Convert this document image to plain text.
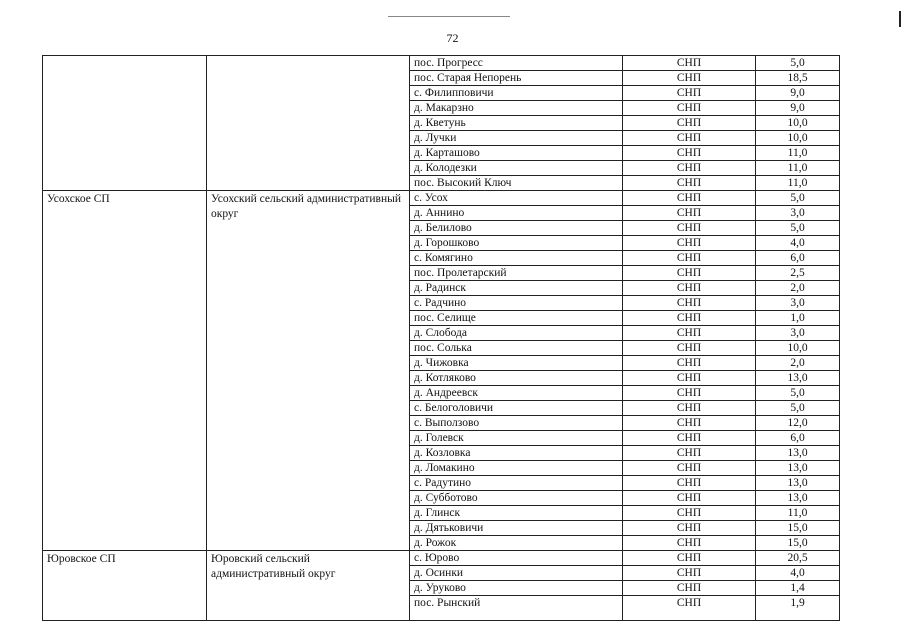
72
		пос. Прогресс	СНП	5,0
		пос. Старая Непорень	СНП	18,5
		с. Филипповичи	СНП	9,0
		д. Макарзно	СНП	9,0
		д. Кветунь	СНП	10,0
		д. Лучки	СНП	10,0
		д. Карташово	СНП	11,0
		д. Колодезки	СНП	11,0
		пос. Высокий Ключ	СНП	11,0
Усохское СП	Усохский сельский административный округ	с. Усох	СНП	5,0
		д. Аннино	СНП	3,0
		д. Белилово	СНП	5,0
		д. Горошково	СНП	4,0
		с. Комягино	СНП	6,0
		пос. Пролетарский	СНП	2,5
		д. Радинск	СНП	2,0
		с. Радчино	СНП	3,0
		пос. Селище	СНП	1,0
		д. Слобода	СНП	3,0
		пос. Солька	СНП	10,0
		д. Чижовка	СНП	2,0
		д. Котляково	СНП	13,0
		д. Андреевск	СНП	5,0
		с. Белоголовичи	СНП	5,0
		с. Выползово	СНП	12,0
		д. Голевск	СНП	6,0
		д. Козловка	СНП	13,0
		д. Ломакино	СНП	13,0
		с. Радутино	СНП	13,0
		д. Субботово	СНП	13,0
		д. Глинск	СНП	11,0
		д. Дятьковичи	СНП	15,0
		д. Рожок	СНП	15,0
Юровское СП	Юровский сельский административный округ	с. Юрово	СНП	20,5
		д. Осинки	СНП	4,0
		д. Уруково	СНП	1,4
		пос. Рынский	СНП	1,9
